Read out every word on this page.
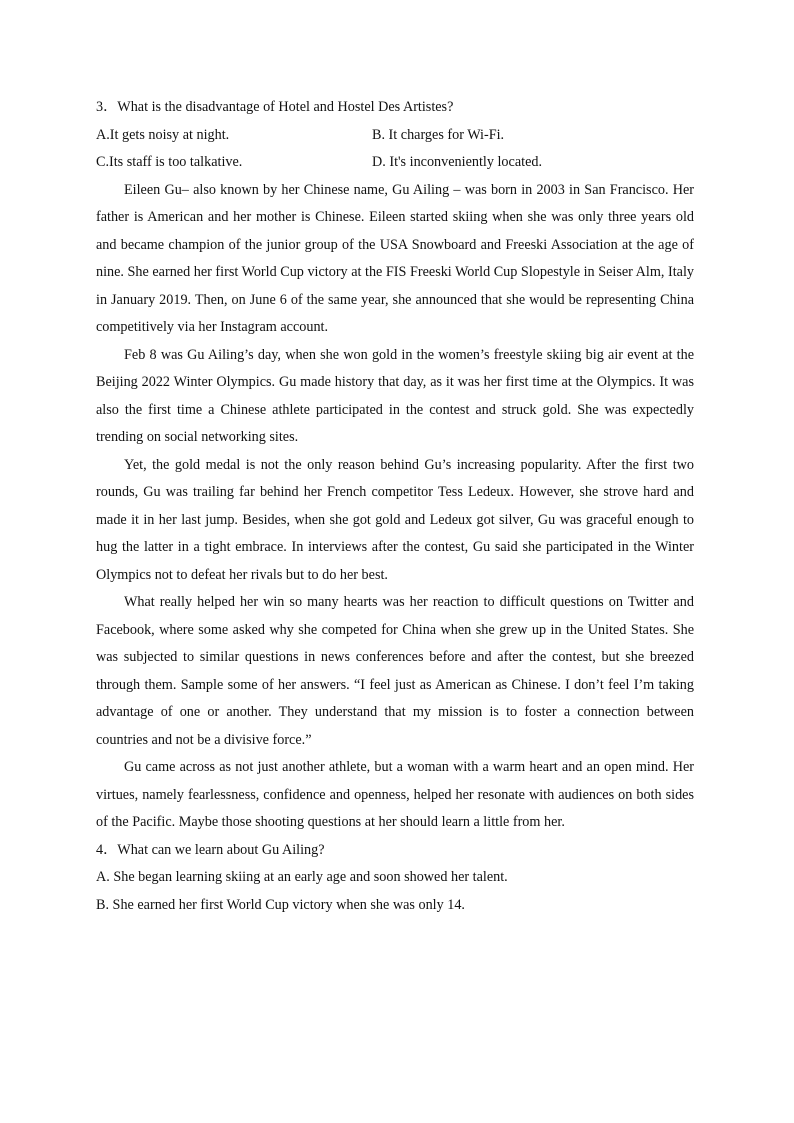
3．What is the disadvantage of Hotel and Hostel Des Artistes?

A.It gets noisy at night.	B. It charges for Wi-Fi.
C.Its staff is too talkative.	D. It's inconveniently located.

Eileen Gu– also known by her Chinese name, Gu Ailing – was born in 2003 in San Francisco. Her father is American and her mother is Chinese. Eileen started skiing when she was only three years old and became champion of the junior group of the USA Snowboard and Freeski Association at the age of nine. She earned her first World Cup victory at the FIS Freeski World Cup Slopestyle in Seiser Alm, Italy in January 2019. Then, on June 6 of the same year, she announced that she would be representing China competitively via her Instagram account.

Feb 8 was Gu Ailing’s day, when she won gold in the women’s freestyle skiing big air event at the Beijing 2022 Winter Olympics. Gu made history that day, as it was her first time at the Olympics. It was also the first time a Chinese athlete participated in the contest and struck gold. She was expectedly trending on social networking sites.

Yet, the gold medal is not the only reason behind Gu’s increasing popularity. After the first two rounds, Gu was trailing far behind her French competitor Tess Ledeux. However, she strove hard and made it in her last jump. Besides, when she got gold and Ledeux got silver, Gu was graceful enough to hug the latter in a tight embrace. In interviews after the contest, Gu said she participated in the Winter Olympics not to defeat her rivals but to do her best.

What really helped her win so many hearts was her reaction to difficult questions on Twitter and Facebook, where some asked why she competed for China when she grew up in the United States. She was subjected to similar questions in news conferences before and after the contest, but she breezed through them. Sample some of her answers. “I feel just as American as Chinese. I don’t feel I’m taking advantage of one or another. They understand that my mission is to foster a connection between countries and not be a divisive force.”

Gu came across as not just another athlete, but a woman with a warm heart and an open mind. Her virtues, namely fearlessness, confidence and openness, helped her resonate with audiences on both sides of the Pacific. Maybe those shooting questions at her should learn a little from her.

4．What can we learn about Gu Ailing?

A. She began learning skiing at an early age and soon showed her talent.

B. She earned her first World Cup victory when she was only 14.
